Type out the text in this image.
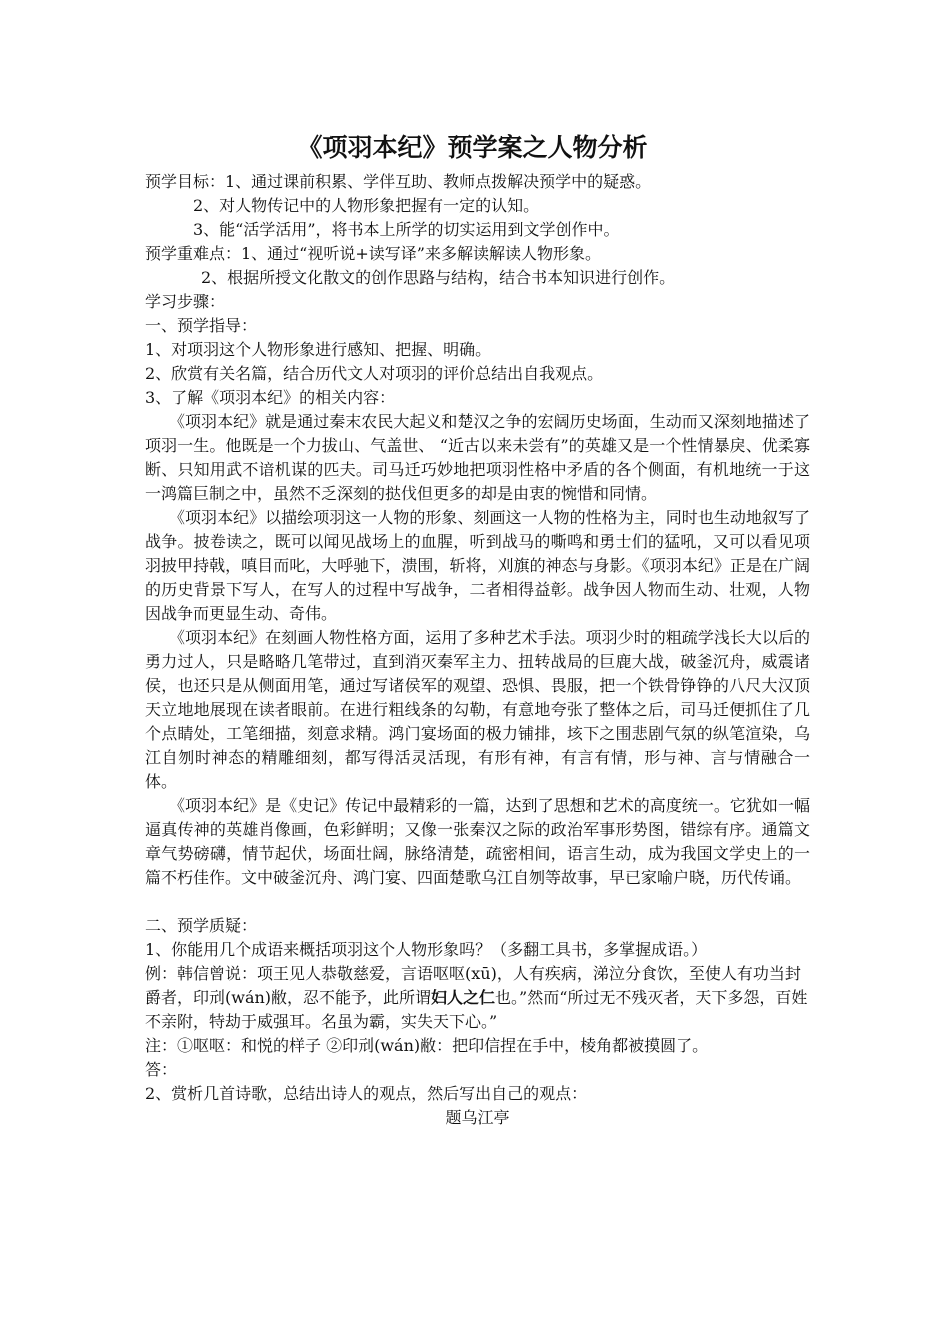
《项羽本纪》预学案之人物分析

预学目标：1、通过课前积累、学伴互助、教师点拨解决预学中的疑惑。

2、对人物传记中的人物形象把握有一定的认知。

3、能“活学活用”，将书本上所学的切实运用到文学创作中。

预学重难点：1、通过“视听说+读写译”来多解读解读人物形象。

2、根据所授文化散文的创作思路与结构，结合书本知识进行创作。

学习步骤：

一、预学指导：

1、对项羽这个人物形象进行感知、把握、明确。

2、欣赏有关名篇，结合历代文人对项羽的评价总结出自我观点。

3、了解《项羽本纪》的相关内容：

《项羽本纪》就是通过秦末农民大起义和楚汉之争的宏阔历史场面，生动而又深刻地描述了项羽一生。他既是一个力拔山、气盖世、 “近古以来未尝有”的英雄又是一个性情暴戾、优柔寡断、只知用武不谙机谋的匹夫。司马迁巧妙地把项羽性格中矛盾的各个侧面，有机地统一于这一鸿篇巨制之中，虽然不乏深刻的挞伐但更多的却是由衷的惋惜和同情。

《项羽本纪》以描绘项羽这一人物的形象、刻画这一人物的性格为主，同时也生动地叙写了战争。披卷读之，既可以闻见战场上的血腥，听到战马的嘶鸣和勇士们的猛吼，又可以看见项羽披甲持戟，嗔目而叱，大呼驰下，溃围，斩将，刈旗的神态与身影。《项羽本纪》正是在广阔的历史背景下写人，在写人的过程中写战争，二者相得益彰。战争因人物而生动、壮观，人物因战争而更显生动、奇伟。

《项羽本纪》在刻画人物性格方面，运用了多种艺术手法。项羽少时的粗疏学浅长大以后的勇力过人，只是略略几笔带过，直到消灭秦军主力、扭转战局的巨鹿大战，破釜沉舟，威震诸侯，也还只是从侧面用笔，通过写诸侯军的观望、恐惧、畏服，把一个铁骨铮铮的八尺大汉顶天立地地展现在读者眼前。在进行粗线条的勾勒，有意地夸张了整体之后，司马迁便抓住了几个点睛处，工笔细描，刻意求精。鸿门宴场面的极力铺排，垓下之围悲剧气氛的纵笔渲染，乌江自刎时神态的精雕细刻，都写得活灵活现，有形有神，有言有情，形与神、言与情融合一体。

《项羽本纪》是《史记》传记中最精彩的一篇，达到了思想和艺术的高度统一。它犹如一幅逼真传神的英雄肖像画，色彩鲜明；又像一张秦汉之际的政治军事形势图，错综有序。通篇文章气势磅礴，情节起伏，场面壮阔，脉络清楚，疏密相间，语言生动，成为我国文学史上的一篇不朽佳作。文中破釜沉舟、鸿门宴、四面楚歌乌江自刎等故事，早已家喻户晓，历代传诵。

二、预学质疑：

1、你能用几个成语来概括项羽这个人物形象吗？（多翻工具书，多掌握成语。）

例：韩信曾说：项王见人恭敬慈爱，言语呕呕(xū)，人有疾病，涕泣分食饮，至使人有功当封爵者，印刓(wán)敝，忍不能予，此所谓妇人之仁也。”然而“所过无不残灭者，天下多怨，百姓不亲附，特劫于威强耳。名虽为霸，实失天下心。”

注：①呕呕：和悦的样子 ②印刓(wán)敝：把印信捏在手中，棱角都被摸圆了。

答：

2、赏析几首诗歌，总结出诗人的观点，然后写出自己的观点：

题乌江亭
